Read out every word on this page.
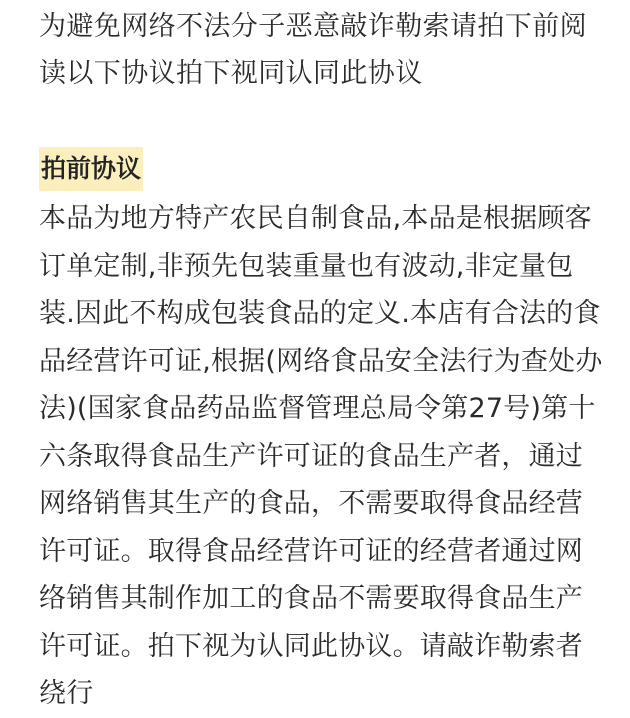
为避免网络不法分子恶意敲诈勒索请拍下前阅读以下协议拍下视同认同此协议

拍前协议

本品为地方特产农民自制食品,本品是根据顾客订单定制,非预先包装重量也有波动,非定量包装.因此不构成包装食品的定义.本店有合法的食品经营许可证,根据(网络食品安全法行为查处办法)(国家食品药品监督管理总局令第27号)第十六条取得食品生产许可证的食品生产者，通过网络销售其生产的食品，不需要取得食品经营许可证。取得食品经营许可证的经营者通过网络销售其制作加工的食品不需要取得食品生产许可证。拍下视为认同此协议。请敲诈勒索者绕行
